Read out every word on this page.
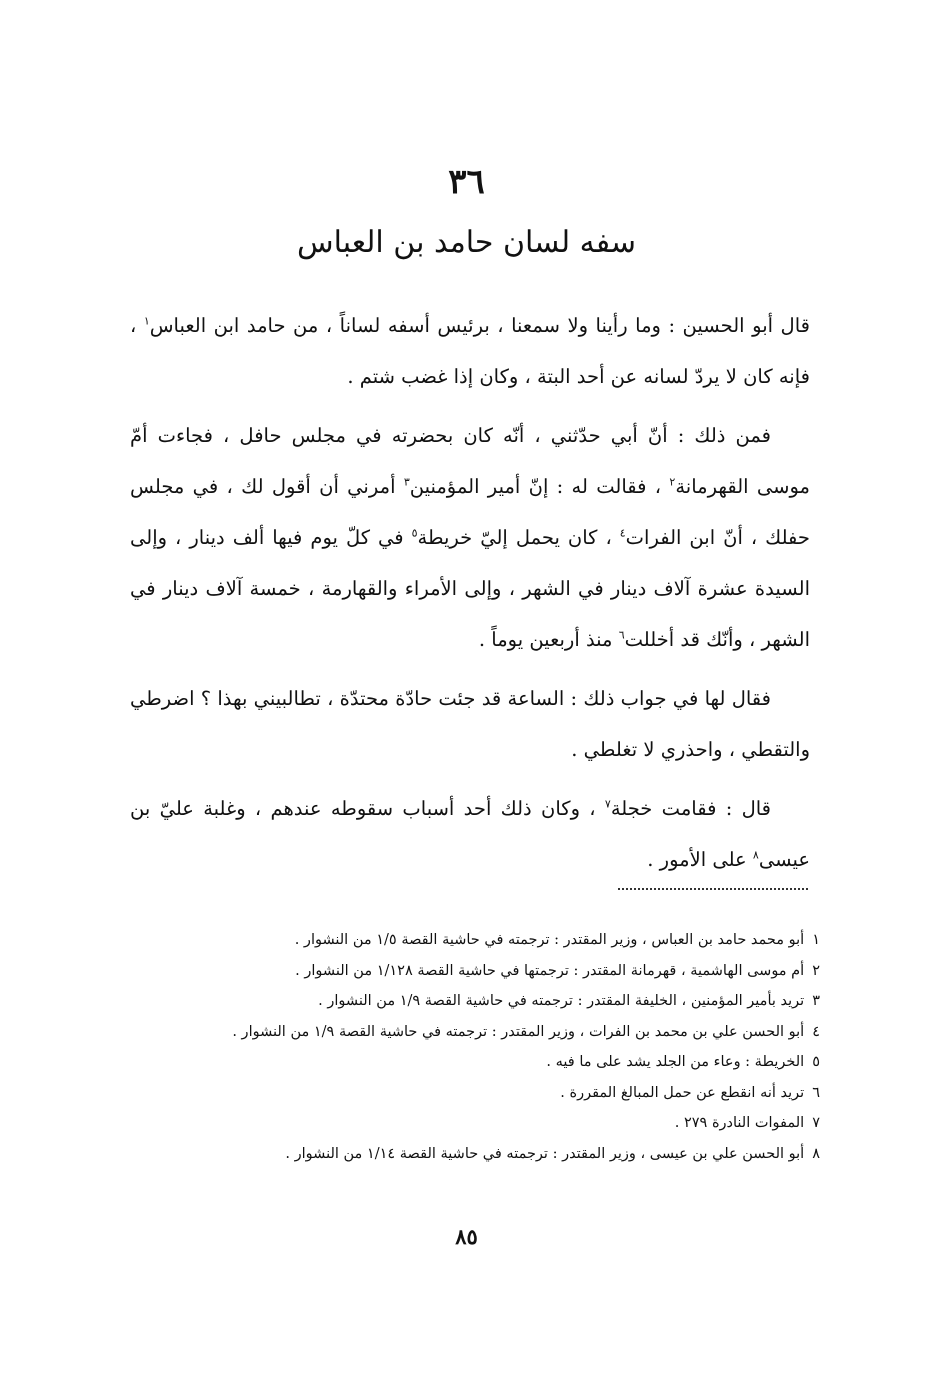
٣٦
سفه لسان حامد بن العباس

قال أبو الحسين : وما رأينا ولا سمعنا ، برئيس أسفه لساناً ، من حامد ابن العباس$^١$ ، فإنه كان لا يردّ لسانه عن أحد البتة ، وكان إذا غضب شتم .

فمن ذلك : أنّ أبي حدّثني ، أنّه كان بحضرته في مجلس حافل ، فجاءت أمّ موسى القهرمانة$^٢$ ، فقالت له : إنّ أمير المؤمنين$^٣$ أمرني أن أقول لك ، في مجلس حفلك ، أنّ ابن الفرات$^٤$ ، كان يحمل إليّ خريطة$^٥$ في كلّ يوم فيها ألف دينار ، وإلى السيدة عشرة آلاف دينار في الشهر ، وإلى الأمراء والقهارمة ، خمسة آلاف دينار في الشهر ، وأنّك قد أخللت$^٦$ منذ أربعين يوماً .

فقال لها في جواب ذلك : الساعة قد جئت حادّة محتدّة ، تطالبيني بهذا ؟ اضرطي والتقطي ، واحذري لا تغلطي .

قال : فقامت خجلة$^٧$ ، وكان ذلك أحد أسباب سقوطه عندهم ، وغلبة عليّ بن عيسى$^٨$ على الأمور .

١أبو محمد حامد بن العباس ، وزير المقتدر : ترجمته في حاشية القصة ١/٥ من النشوار .
٢أم موسى الهاشمية ، قهرمانة المقتدر : ترجمتها في حاشية القصة ١/١٢٨ من النشوار .
٣تريد بأمير المؤمنين ، الخليفة المقتدر : ترجمته في حاشية القصة ١/٩ من النشوار .
٤أبو الحسن علي بن محمد بن الفرات ، وزير المقتدر : ترجمته في حاشية القصة ١/٩ من النشوار .
٥الخريطة : وعاء من الجلد يشد على ما فيه .
٦تريد أنه انقطع عن حمل المبالغ المقررة .
٧المفوات النادرة ٢٧٩ .
٨أبو الحسن علي بن عيسى ، وزير المقتدر : ترجمته في حاشية القصة ١/١٤ من النشوار .
٨٥
